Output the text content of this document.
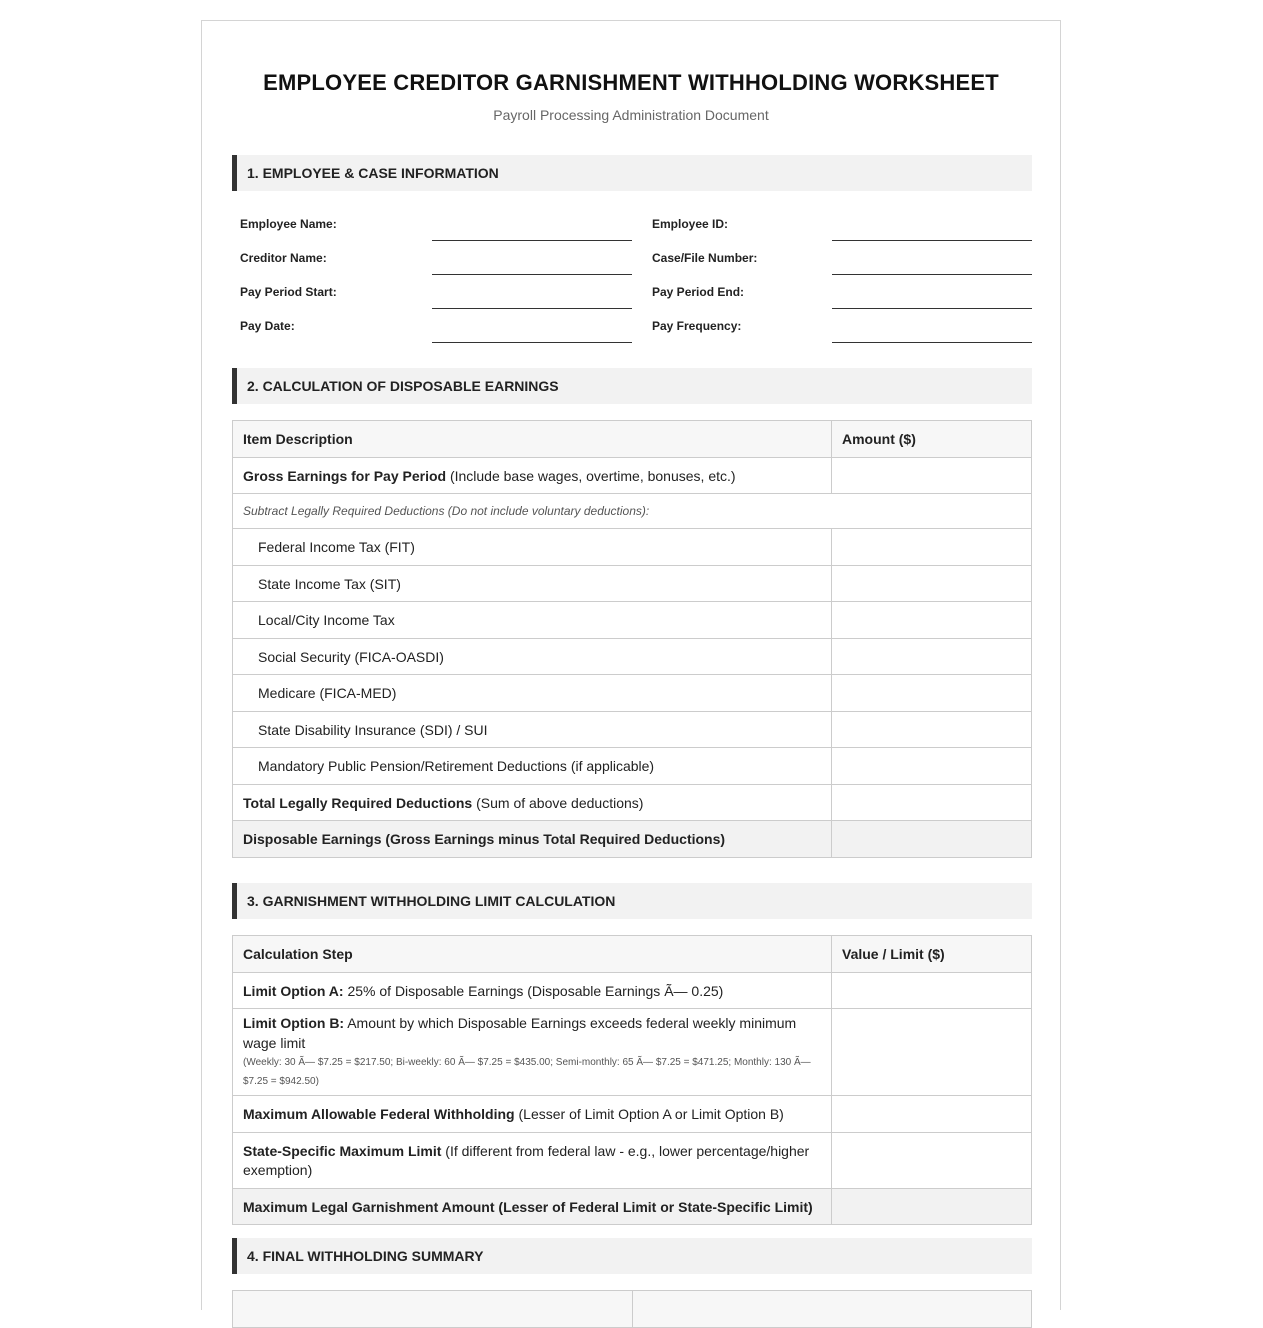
EMPLOYEE CREDITOR GARNISHMENT WITHHOLDING WORKSHEET
Payroll Processing Administration Document
1. EMPLOYEE & CASE INFORMATION
Employee Name:	Employee ID:
Creditor Name:	Case/File Number:
Pay Period Start:	Pay Period End:
Pay Date:	Pay Frequency:
2. CALCULATION OF DISPOSABLE EARNINGS
Item Description	Amount ($)
Gross Earnings for Pay Period (Include base wages, overtime, bonuses, etc.)	
Subtract Legally Required Deductions (Do not include voluntary deductions):	
Federal Income Tax (FIT)	
State Income Tax (SIT)	
Local/City Income Tax	
Social Security (FICA-OASDI)	
Medicare (FICA-MED)	
State Disability Insurance (SDI) / SUI	
Mandatory Public Pension/Retirement Deductions (if applicable)	
Total Legally Required Deductions (Sum of above deductions)	
Disposable Earnings (Gross Earnings minus Total Required Deductions)	
3. GARNISHMENT WITHHOLDING LIMIT CALCULATION
Calculation Step	Value / Limit ($)
Limit Option A: 25% of Disposable Earnings (Disposable Earnings Ã— 0.25)	

Limit Option B: Amount by which Disposable Earnings exceeds federal weekly minimum wage limit
(Weekly: 30 Ã— $7.25 = $217.50; Bi-weekly: 60 Ã— $7.25 = $435.00; Semi-monthly: 65 Ã— $7.25 = $471.25; Monthly: 130 Ã— $7.25 = $942.50)	

Maximum Allowable Federal Withholding (Lesser of Limit Option A or Limit Option B)	
State-Specific Maximum Limit (If different from federal law - e.g., lower percentage/higher exemption)	
Maximum Legal Garnishment Amount (Lesser of Federal Limit or State-Specific Limit)	
4. FINAL WITHHOLDING SUMMARY
